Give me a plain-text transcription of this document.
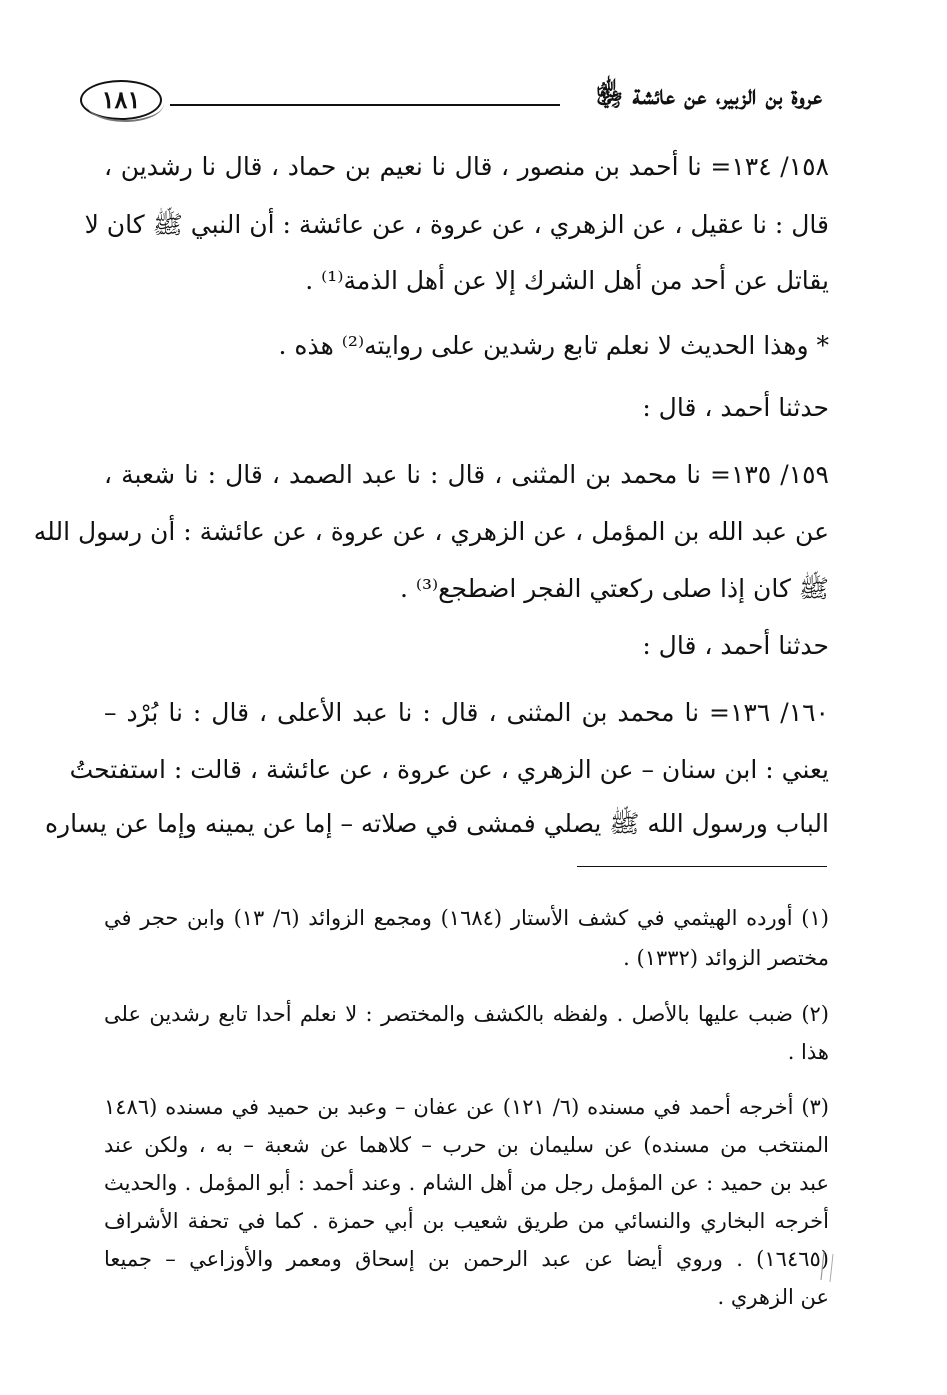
عروة بن الزبير، عن عائشة ﵂
١٨١
١٥٨/ ١٣٤= نا أحمد بن منصور ، قال نا نعيم بن حماد ، قال نا رشدين ،
قال : نا عقيل ، عن الزهري ، عن عروة ، عن عائشة : أن النبي ﷺ كان لا
يقاتل عن أحد من أهل الشرك إلا عن أهل الذمة⁽¹⁾ .
* وهذا الحديث لا نعلم تابع رشدين على روايته⁽²⁾ هذه .
حدثنا أحمد ، قال :
١٥٩/ ١٣٥= نا محمد بن المثنى ، قال : نا عبد الصمد ، قال : نا شعبة ،
عن عبد الله بن المؤمل ، عن الزهري ، عن عروة ، عن عائشة : أن رسول الله
ﷺ كان إذا صلى ركعتي الفجر اضطجع⁽³⁾ .
حدثنا أحمد ، قال :
١٦٠/ ١٣٦= نا محمد بن المثنى ، قال : نا عبد الأعلى ، قال : نا بُرْد –
يعني : ابن سنان – عن الزهري ، عن عروة ، عن عائشة ، قالت : استفتحتُ
الباب ورسول الله ﷺ يصلي فمشى في صلاته – إما عن يمينه وإما عن يساره
(١) أورده الهيثمي في كشف الأستار (١٦٨٤) ومجمع الزوائد (٦/ ١٣) وابن حجر في
مختصر الزوائد (١٣٣٢) .
(٢) ضبب عليها بالأصل . ولفظه بالكشف والمختصر : لا نعلم أحدا تابع رشدين على
هذا .
(٣) أخرجه أحمد في مسنده (٦/ ١٢١) عن عفان – وعبد بن حميد في مسنده (١٤٨٦
المنتخب من مسنده) عن سليمان بن حرب – كلاهما عن شعبة – به ، ولكن عند
عبد بن حميد : عن المؤمل رجل من أهل الشام . وعند أحمد : أبو المؤمل . والحديث
أخرجه البخاري والنسائي من طريق شعيب بن أبي حمزة . كما في تحفة الأشراف
(١٦٤٦٥) . وروي أيضا عن عبد الرحمن بن إسحاق ومعمر والأوزاعي – جميعا
عن الزهري .
